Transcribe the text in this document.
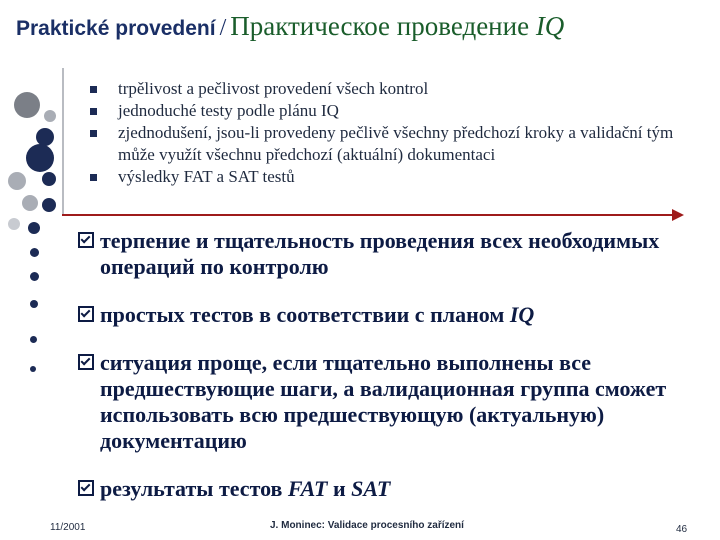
Praktické provedení / Практическое проведение IQ
trpělivost a pečlivost provedení všech kontrol
jednoduché testy podle plánu IQ
zjednodušení, jsou-li provedeny pečlivě všechny předchozí kroky a validační tým může využít všechnu předchozí (aktuální) dokumentaci
výsledky FAT a SAT testů
терпение и тщательность проведения всех необходимых операций по контролю
простых тестов в соответствии с планом IQ
ситуация проще, если тщательно выполнены все предшествующие шаги, а валидационная группа сможет использовать всю предшествующую (актуальную) документацию
результаты тестов FAT и SAT
11/2001	J. Moninec: Validace procesního zařízení	46
